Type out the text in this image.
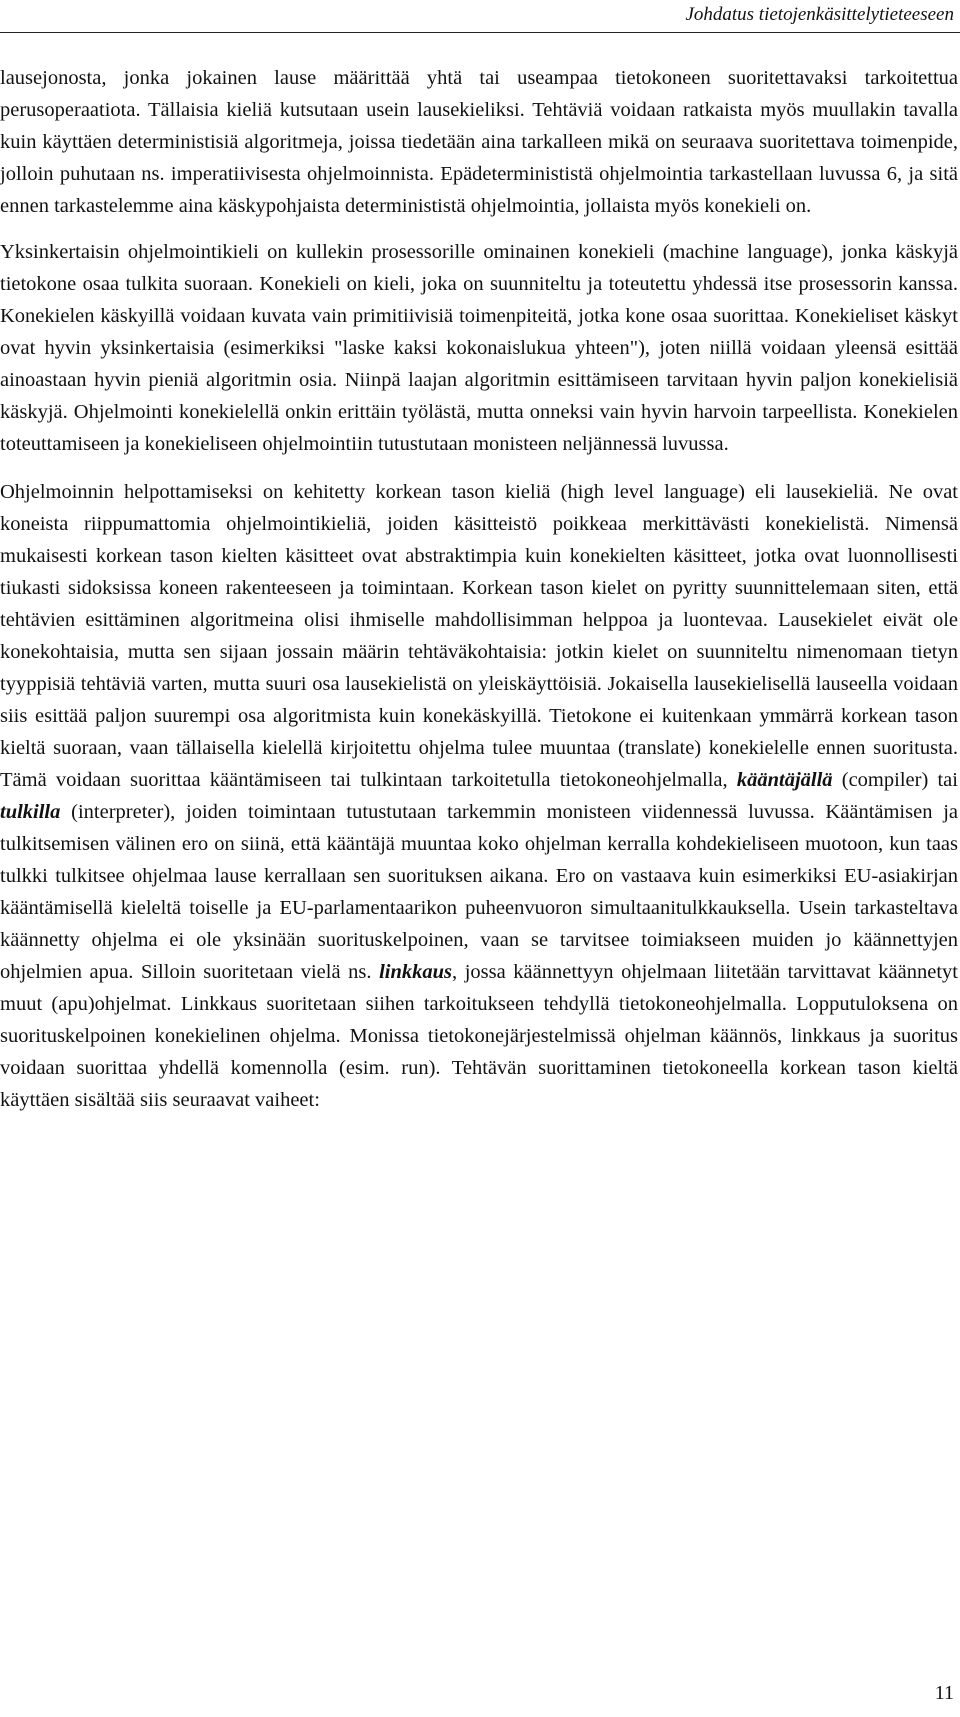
Johdatus tietojenkäsittelytieteeseen

lausejonosta, jonka jokainen lause määrittää yhtä tai useampaa tietokoneen suoritettavaksi tarkoitettua perusoperaatiota. Tällaisia kieliä kutsutaan usein lausekieliksi. Tehtäviä voidaan ratkaista myös muullakin tavalla kuin käyttäen deterministisiä algoritmeja, joissa tiedetään aina tarkalleen mikä on seuraava suoritettava toimenpide, jolloin puhutaan ns. imperatiivisesta ohjelmoinnista. Epädeterminististä ohjelmointia tarkastellaan luvussa 6, ja sitä ennen tarkastelemme aina käskypohjaista determinististä ohjelmointia, jollaista myös konekieli on.

Yksinkertaisin ohjelmointikieli on kullekin prosessorille ominainen konekieli (machine language), jonka käskyjä tietokone osaa tulkita suoraan. Konekieli on kieli, joka on suunniteltu ja toteutettu yhdessä itse prosessorin kanssa. Konekielen käskyillä voidaan kuvata vain primitiivisiä toimenpiteitä, jotka kone osaa suorittaa. Konekieliset käskyt ovat hyvin yksinkertaisia (esimerkiksi "laske kaksi kokonaislukua yhteen"), joten niillä voidaan yleensä esittää ainoastaan hyvin pieniä algoritmin osia. Niinpä laajan algoritmin esittämiseen tarvitaan hyvin paljon konekielisiä käskyjä. Ohjelmointi konekielellä onkin erittäin työlästä, mutta onneksi vain hyvin harvoin tarpeellista. Konekielen toteuttamiseen ja konekieliseen ohjelmointiin tutustutaan monisteen neljännessä luvussa.

Ohjelmoinnin helpottamiseksi on kehitetty korkean tason kieliä (high level language) eli lausekieliä. Ne ovat koneista riippumattomia ohjelmointikieliä, joiden käsitteistö poikkeaa merkittävästi konekielistä. Nimensä mukaisesti korkean tason kielten käsitteet ovat abstraktimpia kuin konekielten käsitteet, jotka ovat luonnollisesti tiukasti sidoksissa koneen rakenteeseen ja toimintaan. Korkean tason kielet on pyritty suunnittelemaan siten, että tehtävien esittäminen algoritmeina olisi ihmiselle mahdollisimman helppoa ja luontevaa. Lausekielet eivät ole konekohtaisia, mutta sen sijaan jossain määrin tehtäväkohtaisia: jotkin kielet on suunniteltu nimenomaan tietyn tyyppisiä tehtäviä varten, mutta suuri osa lausekielistä on yleiskäyttöisiä. Jokaisella lausekielisellä lauseella voidaan siis esittää paljon suurempi osa algoritmista kuin konekäskyillä. Tietokone ei kuitenkaan ymmärrä korkean tason kieltä suoraan, vaan tällaisella kielellä kirjoitettu ohjelma tulee muuntaa (translate) konekielelle ennen suoritusta. Tämä voidaan suorittaa kääntämiseen tai tulkintaan tarkoitetulla tietokoneohjelmalla, kääntäjällä (compiler) tai tulkilla (interpreter), joiden toimintaan tutustutaan tarkemmin monisteen viidennessä luvussa. Kääntämisen ja tulkitsemisen välinen ero on siinä, että kääntäjä muuntaa koko ohjelman kerralla kohdekieliseen muotoon, kun taas tulkki tulkitsee ohjelmaa lause kerrallaan sen suorituksen aikana. Ero on vastaava kuin esimerkiksi EU-asiakirjan kääntämisellä kieleltä toiselle ja EU-parlamentaarikon puheenvuoron simultaanitulkkauksella. Usein tarkasteltava käännetty ohjelma ei ole yksinään suorituskelpoinen, vaan se tarvitsee toimiakseen muiden jo käännettyjen ohjelmien apua. Silloin suoritetaan vielä ns. linkkaus, jossa käännettyyn ohjelmaan liitetään tarvittavat käännetyt muut (apu)ohjelmat. Linkkaus suoritetaan siihen tarkoitukseen tehdyllä tietokoneohjelmalla. Lopputuloksena on suorituskelpoinen konekielinen ohjelma. Monissa tietokonejärjestelmissä ohjelman käännös, linkkaus ja suoritus voidaan suorittaa yhdellä komennolla (esim. run). Tehtävän suorittaminen tietokoneella korkean tason kieltä käyttäen sisältää siis seuraavat vaiheet:

11
